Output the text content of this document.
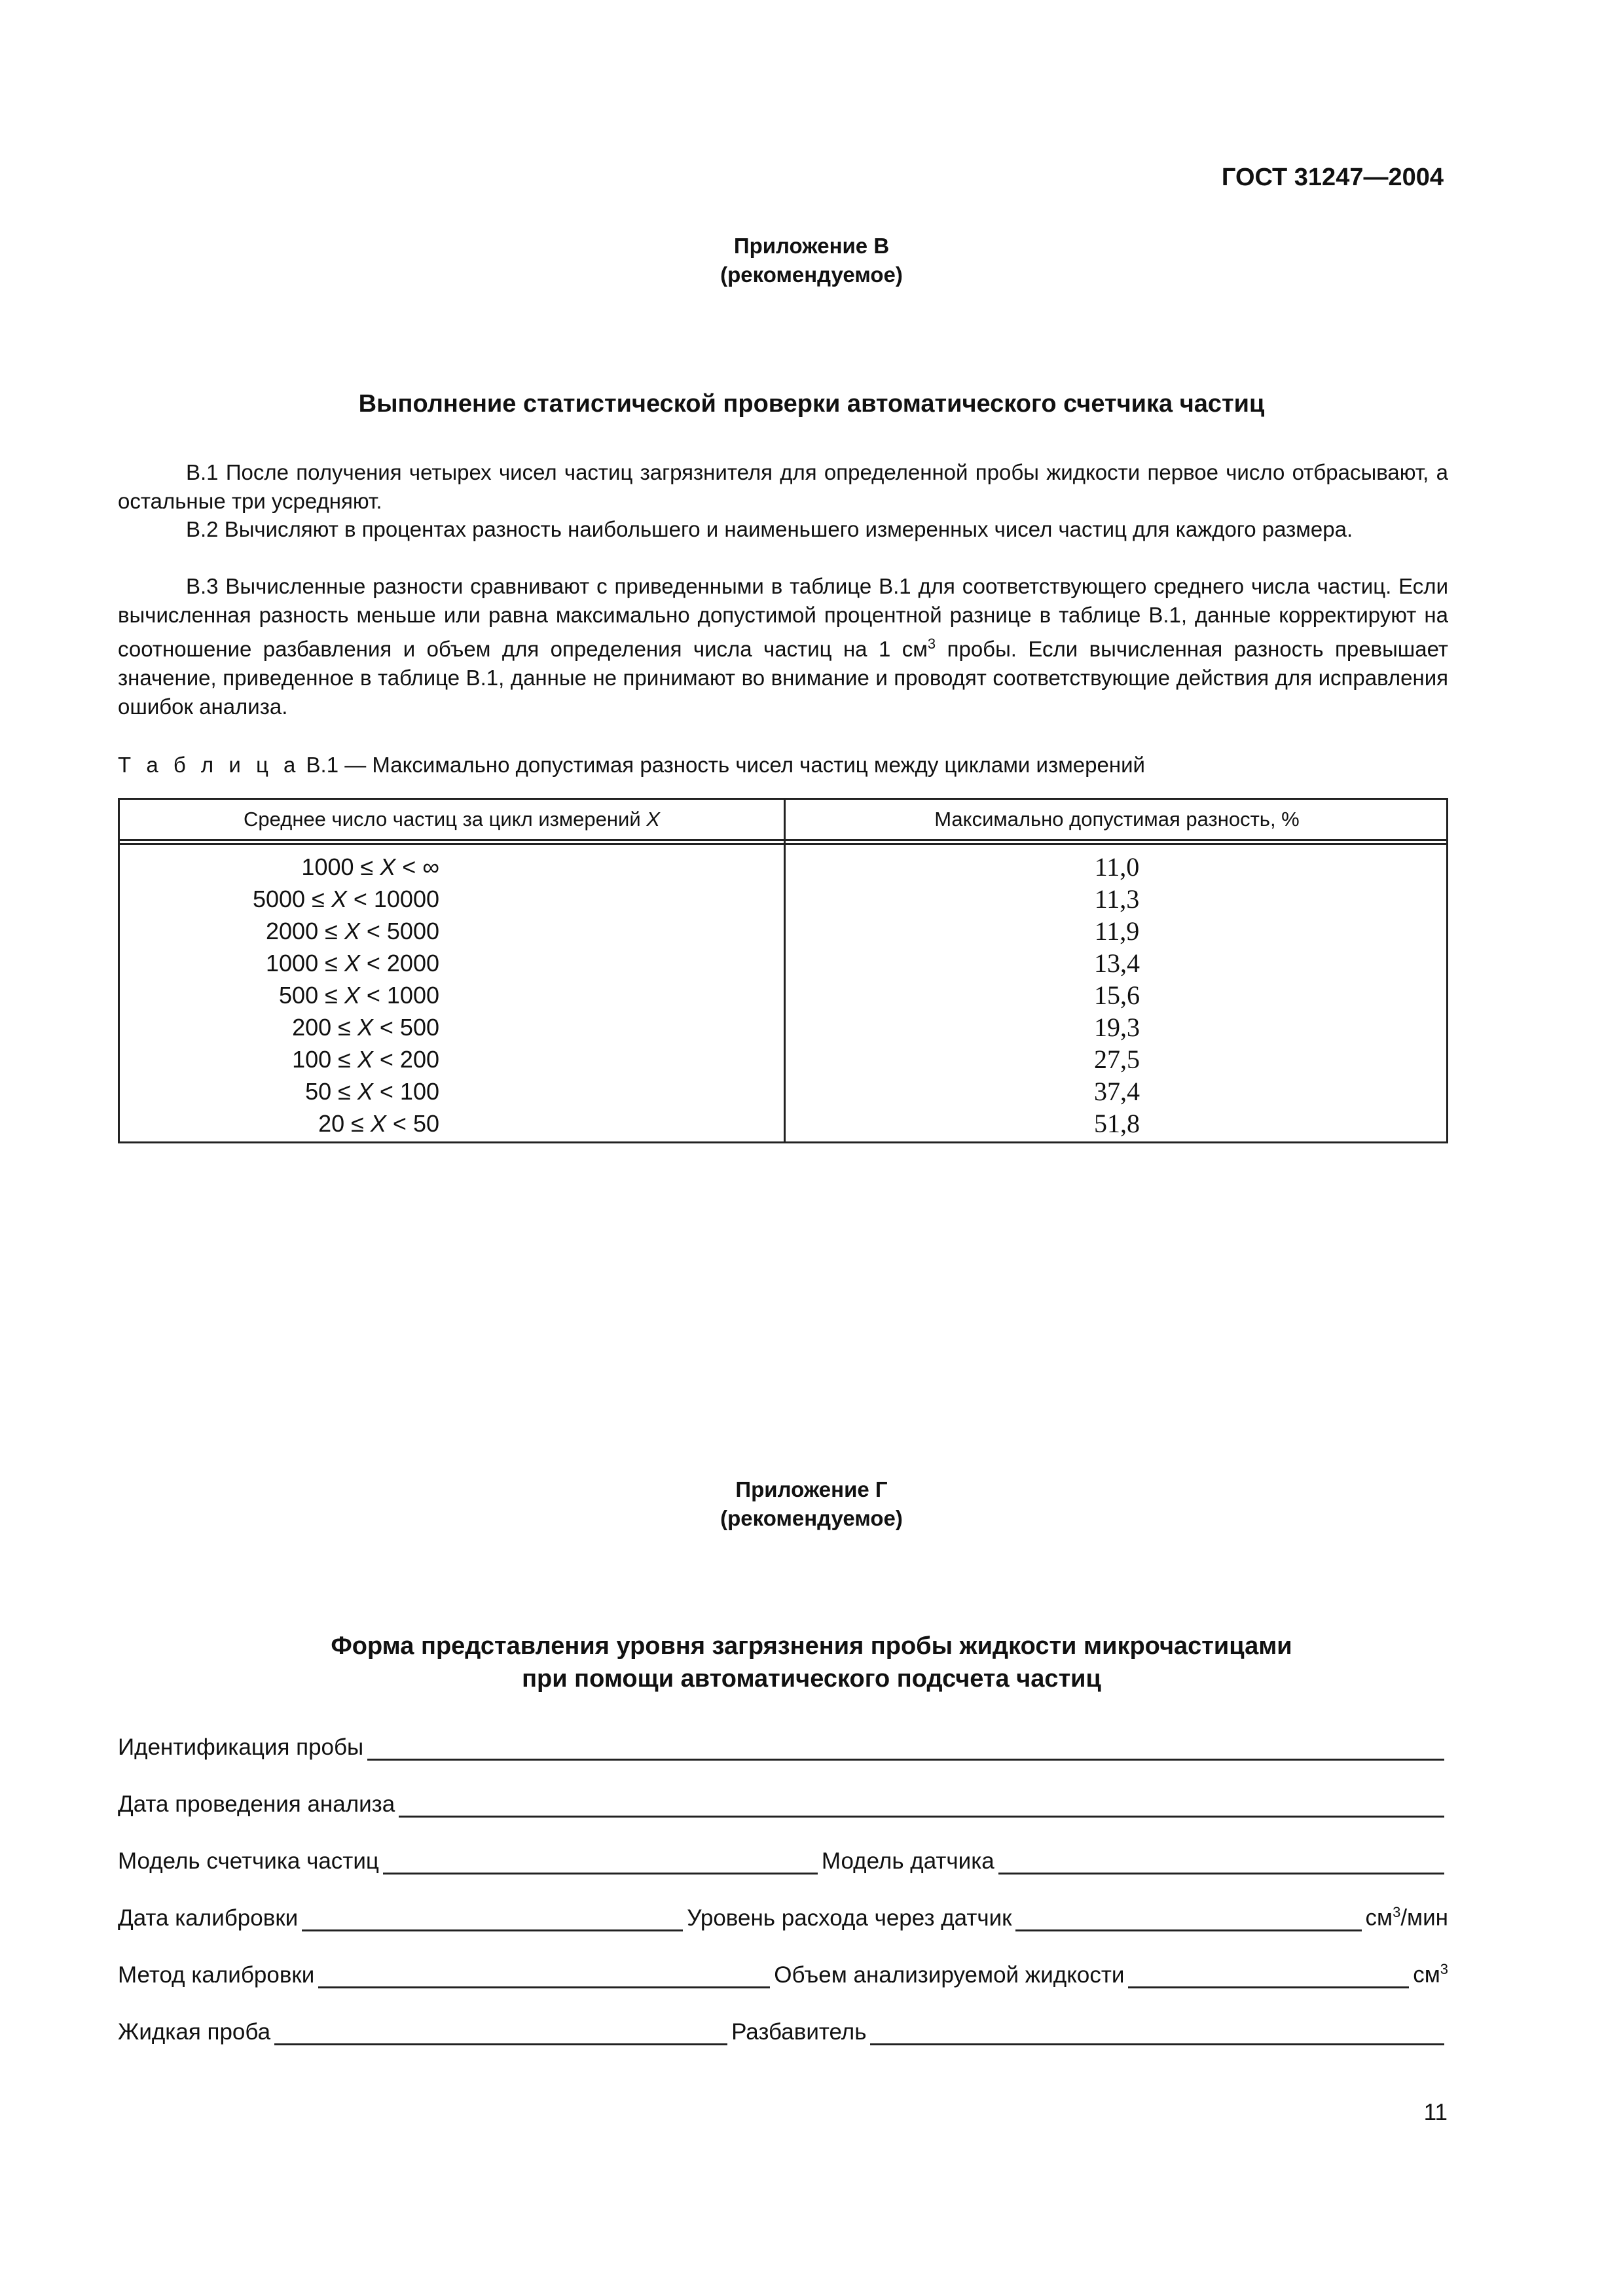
ГОСТ 31247—2004
Приложение В
(рекомендуемое)
Выполнение статистической проверки автоматического счетчика частиц
В.1 После получения четырех чисел частиц загрязнителя для определенной пробы жидкости первое число отбрасывают, а остальные три усредняют.
В.2 Вычисляют в процентах разность наибольшего и наименьшего измеренных чисел частиц для каждого размера.
В.3 Вычисленные разности сравнивают с приведенными в таблице В.1 для соответствующего среднего числа частиц. Если вычисленная разность меньше или равна максимально допустимой процентной разнице в таблице В.1, данные корректируют на соотношение разбавления и объем для определения числа частиц на 1 $см^3$ пробы. Если вычисленная разность превышает значение, приведенное в таблице В.1, данные не принимают во внимание и проводят соответствующие действия для исправления ошибок анализа.
Т а б л и ц а В.1 — Максимально допустимая разность чисел частиц между циклами измерений
Среднее число частиц за цикл измерений X	Максимально допустимая разность, %
1000 ≤ X < ∞	11,0
5000 ≤ X < 10000	11,3
2000 ≤ X < 5000	11,9
1000 ≤ X < 2000	13,4
500 ≤ X < 1000	15,6
200 ≤ X < 500	19,3
100 ≤ X < 200	27,5
50 ≤ X < 100	37,4
20 ≤ X < 50	51,8
Приложение Г
(рекомендуемое)
Форма представления уровня загрязнения пробы жидкости микрочастицами
при помощи автоматического подсчета частиц
Идентификация пробы
Дата проведения анализа
Модель счетчика частиц	Модель датчика
Дата калибровки	Уровень расхода через датчик	$см^3$/мин
Метод калибровки	Объем анализируемой жидкости	$см^3$
Жидкая проба	Разбавитель
11
